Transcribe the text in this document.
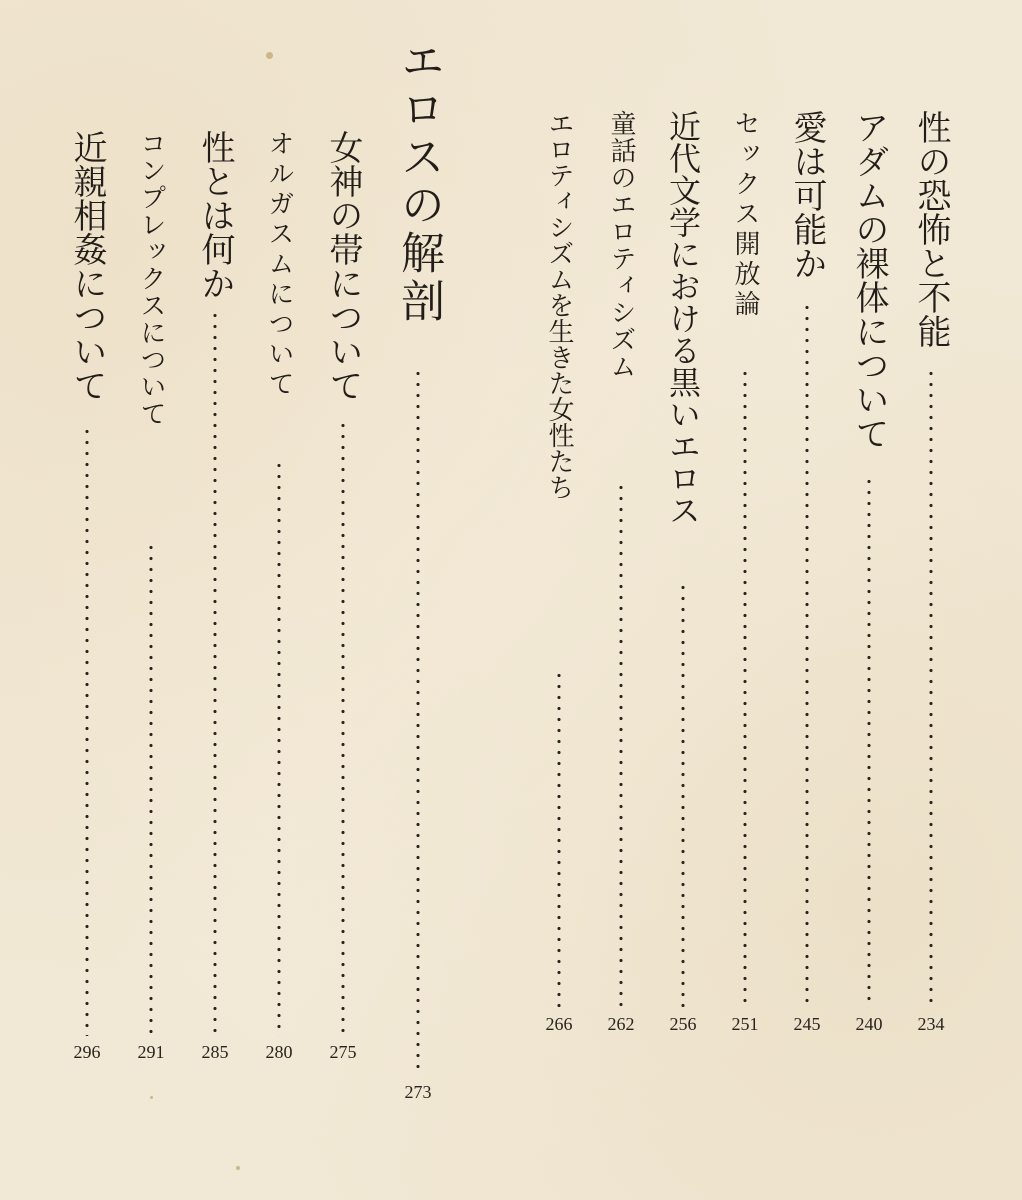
性の恐怖と不能
234
アダムの裸体について
240
愛は可能か
245
セックス開放論
251
近代文学における黒いエロス
256
童話のエロティシズム
262
エロティシズムを生きた女性たち
266
エロスの解剖
273
女神の帯について
275
オルガスムについて
280
性とは何か
285
コンプレックスについて
291
近親相姦について
296
